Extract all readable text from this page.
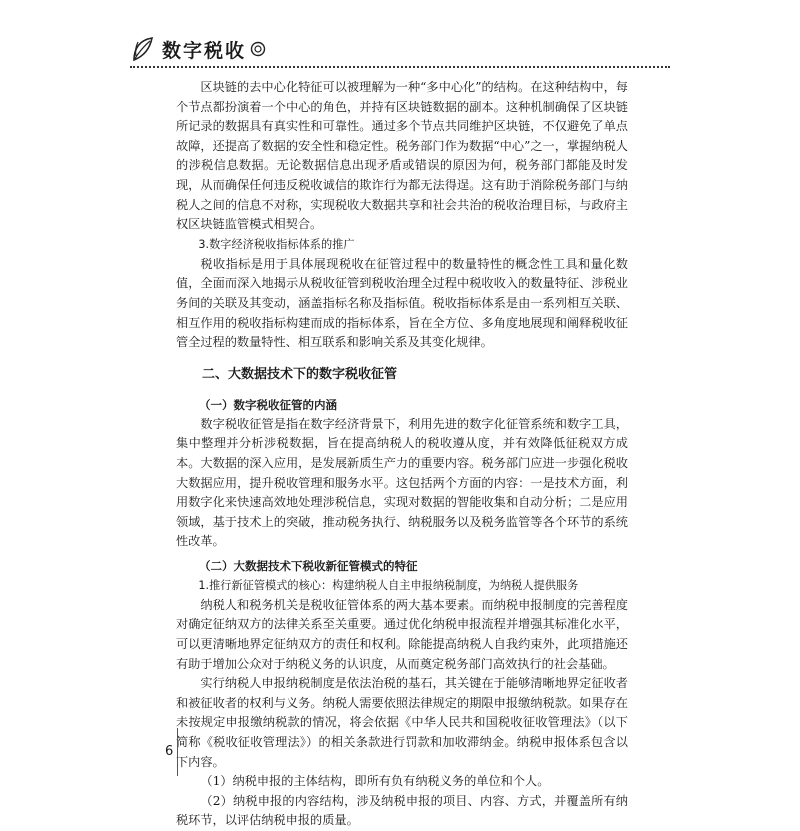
数字税收

区块链的去中心化特征可以被理解为一种“多中心化”的结构。在这种结构中，每个节点都扮演着一个中心的角色，并持有区块链数据的副本。这种机制确保了区块链所记录的数据具有真实性和可靠性。通过多个节点共同维护区块链，不仅避免了单点故障，还提高了数据的安全性和稳定性。税务部门作为数据“中心”之一，掌握纳税人的涉税信息数据。无论数据信息出现矛盾或错误的原因为何，税务部门都能及时发现，从而确保任何违反税收诚信的欺诈行为都无法得逞。这有助于消除税务部门与纳税人之间的信息不对称，实现税收大数据共享和社会共治的税收治理目标，与政府主权区块链监管模式相契合。

3.数字经济税收指标体系的推广

税收指标是用于具体展现税收在征管过程中的数量特性的概念性工具和量化数值，全面而深入地揭示从税收征管到税收治理全过程中税收收入的数量特征、涉税业务间的关联及其变动，涵盖指标名称及指标值。税收指标体系是由一系列相互关联、相互作用的税收指标构建而成的指标体系，旨在全方位、多角度地展现和阐释税收征管全过程的数量特性、相互联系和影响关系及其变化规律。

二、大数据技术下的数字税收征管
（一）数字税收征管的内涵

数字税收征管是指在数字经济背景下，利用先进的数字化征管系统和数字工具，集中整理并分析涉税数据，旨在提高纳税人的税收遵从度，并有效降低征税双方成本。大数据的深入应用，是发展新质生产力的重要内容。税务部门应进一步强化税收大数据应用，提升税收管理和服务水平。这包括两个方面的内容：一是技术方面，利用数字化来快速高效地处理涉税信息，实现对数据的智能收集和自动分析；二是应用领域，基于技术上的突破，推动税务执行、纳税服务以及税务监管等各个环节的系统性改革。

（二）大数据技术下税收新征管模式的特征
1.推行新征管模式的核心：构建纳税人自主申报纳税制度，为纳税人提供服务

纳税人和税务机关是税收征管体系的两大基本要素。而纳税申报制度的完善程度对确定征纳双方的法律关系至关重要。通过优化纳税申报流程并增强其标准化水平，可以更清晰地界定征纳双方的责任和权利。除能提高纳税人自我约束外，此项措施还有助于增加公众对于纳税义务的认识度，从而奠定税务部门高效执行的社会基础。

实行纳税人申报纳税制度是依法治税的基石，其关键在于能够清晰地界定征收者和被征收者的权利与义务。纳税人需要依照法律规定的期限申报缴纳税款。如果存在未按规定申报缴纳税款的情况，将会依据《中华人民共和国税收征收管理法》（以下简称《税收征收管理法》）的相关条款进行罚款和加收滞纳金。纳税申报体系包含以下内容。

（1）纳税申报的主体结构，即所有负有纳税义务的单位和个人。

（2）纳税申报的内容结构，涉及纳税申报的项目、内容、方式，并覆盖所有纳税环节，以评估纳税申报的质量。

6
